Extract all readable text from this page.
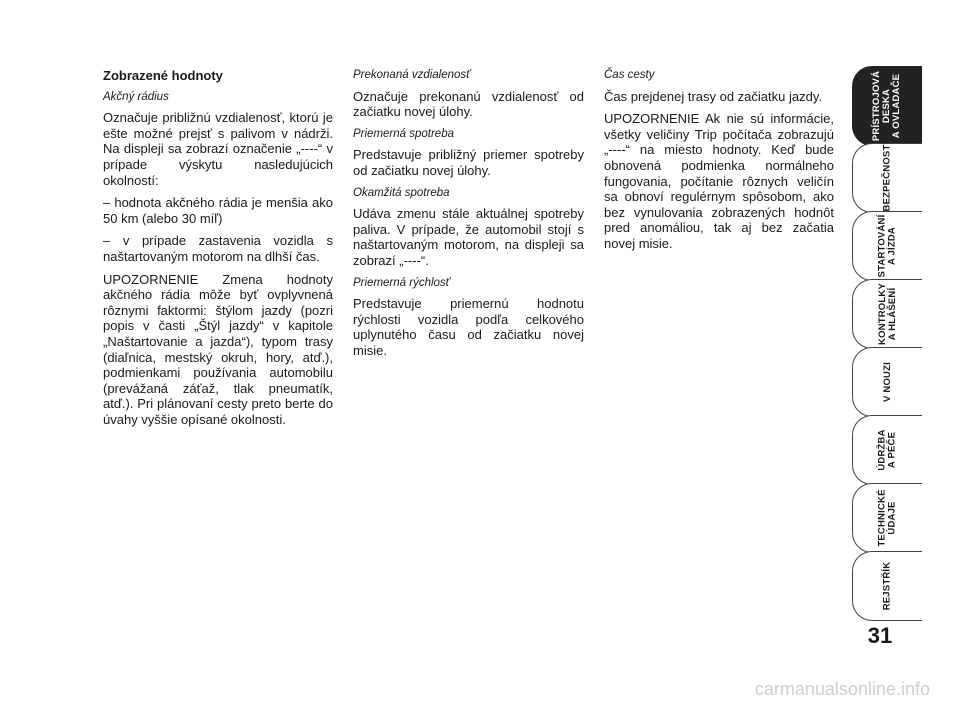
Zobrazené hodnoty

Akčný rádius

Označuje približnú vzdialenosť, ktorú je ešte možné prejsť s palivom v nádrži. Na displeji sa zobrazí označenie „----“ v prípade výskytu nasledujúcich okolností:

– hodnota akčného rádia je menšia ako 50 km (alebo 30 míľ)

– v prípade zastavenia vozidla s naštartovaným motorom na dlhší čas.

UPOZORNENIE Zmena hodnoty akčného rádia môže byť ovplyvnená rôznymi faktormi: štýlom jazdy (pozri popis v časti „Štýl jazdy“ v kapitole „Naštartovanie a jazda“), typom trasy (diaľnica, mestský okruh, hory, atď.), podmienkami používania automobilu (prevážaná záťaž, tlak pneumatík, atď.). Pri plánovaní cesty preto berte do úvahy vyššie opísané okolnosti.

Prekonaná vzdialenosť

Označuje prekonanú vzdialenosť od začiatku novej úlohy.

Priemerná spotreba

Predstavuje približný priemer spotreby od začiatku novej úlohy.

Okamžitá spotreba

Udáva zmenu stále aktuálnej spotreby paliva. V prípade, že automobil stojí s naštartovaným motorom, na displeji sa zobrazí „----“.

Priemerná rýchlosť

Predstavuje priemernú hodnotu rýchlosti vozidla podľa celkového uplynutého času od začiatku novej misie.

Čas cesty

Čas prejdenej trasy od začiatku jazdy.

UPOZORNENIE Ak nie sú informácie, všetky veličiny Trip počítača zobrazujú „----“ na miesto hodnoty. Keď bude obnovená podmienka normálneho fungovania, počítanie rôznych veličín sa obnoví regulérnym spôsobom, ako bez vynulovania zobrazených hodnôt pred anomáliou, tak aj bez začatia novej misie.

PRÍSTROJOVÁ
DESKA
A OVLADAČE
BEZPEČNOST
STARTOVÁNÍ
A JÍZDA
KONTROLKY
A HLÁŠENÍ
V NOUZI
ÚDRŽBA
A PÉČE
TECHNICKÉ
ÚDAJE
REJSTŘÍK
31
carmanualsonline.info
